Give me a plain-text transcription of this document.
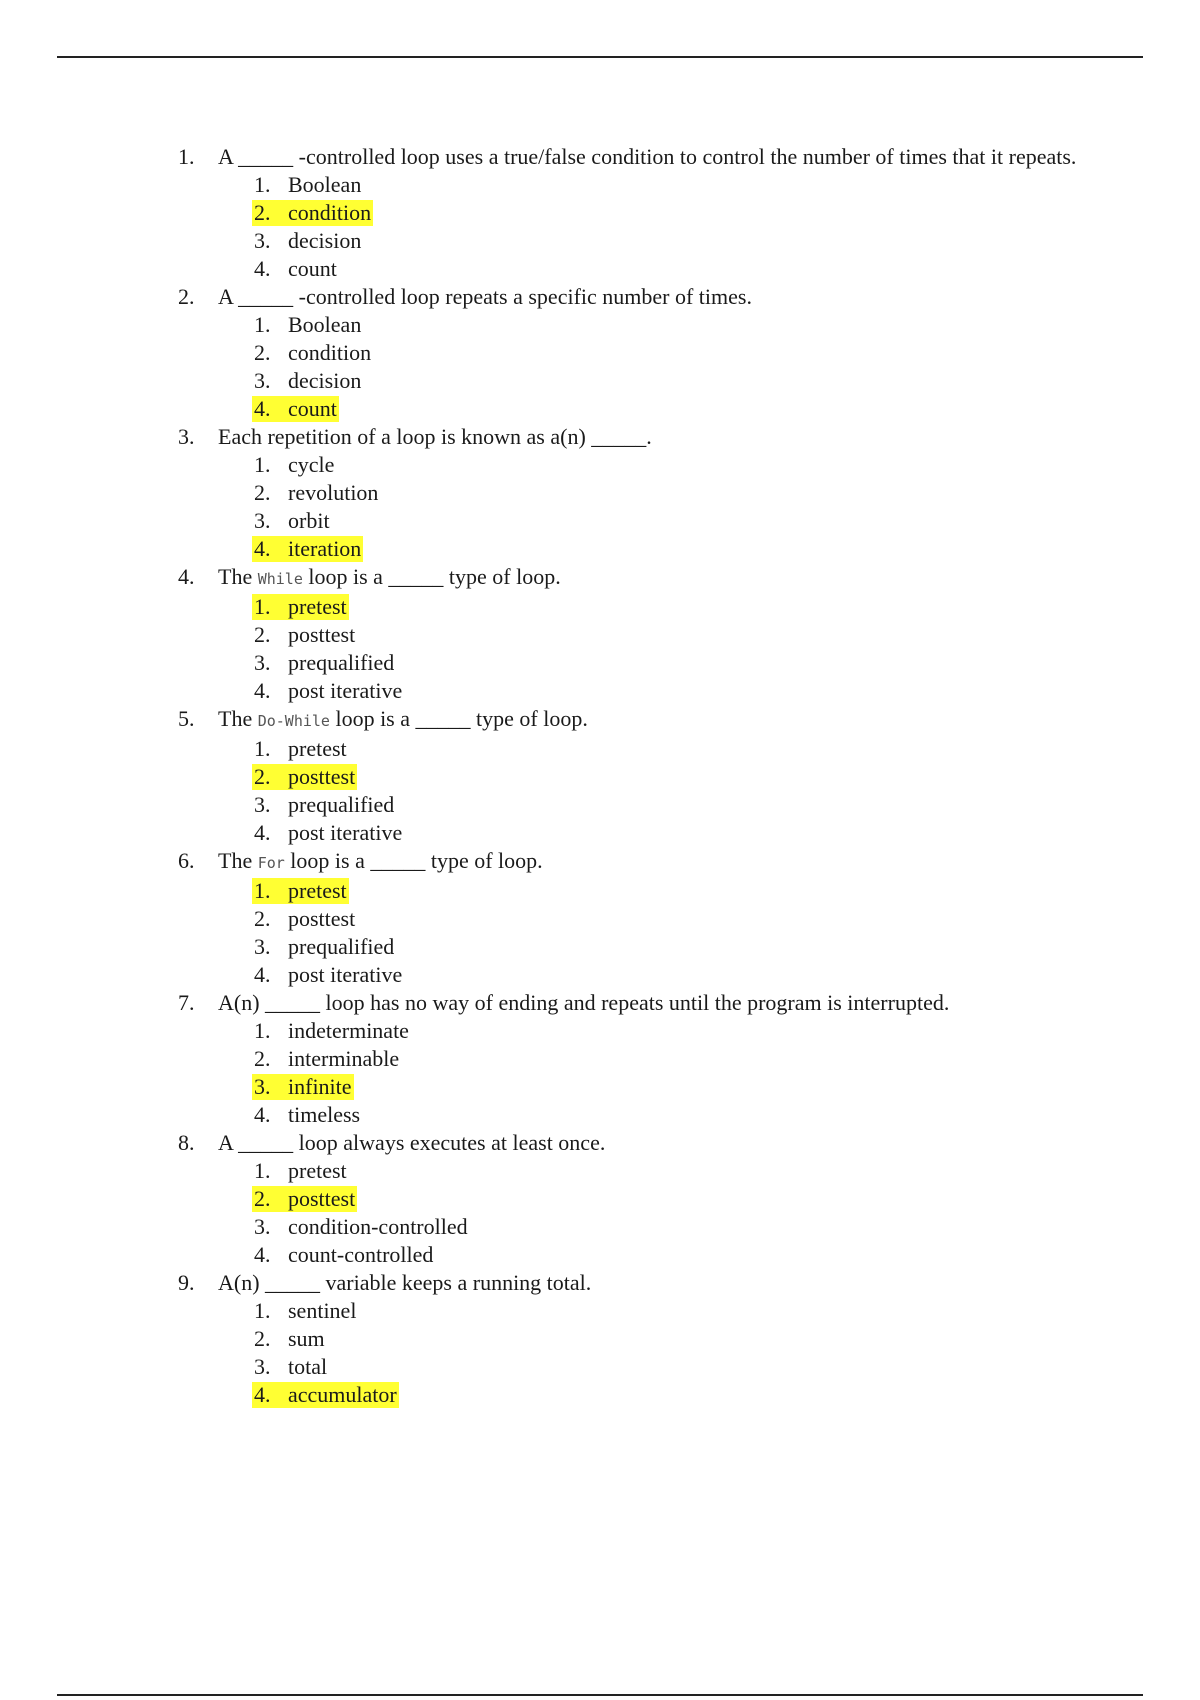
1.	A _____ -controlled loop uses a true/false condition to control the number of times that it repeats.
1. Boolean
2. condition
3. decision
4. count
2.	A _____ -controlled loop repeats a specific number of times.
1. Boolean
2. condition
3. decision
4. count
3.	Each repetition of a loop is known as a(n) _____.
1. cycle
2. revolution
3. orbit
4. iteration
4.	The While loop is a _____ type of loop.
1. pretest
2. posttest
3. prequalified
4. post iterative
5.	The Do-While loop is a _____ type of loop.
1. pretest
2. posttest
3. prequalified
4. post iterative
6.	The For loop is a _____ type of loop.
1. pretest
2. posttest
3. prequalified
4. post iterative
7.	A(n) _____ loop has no way of ending and repeats until the program is interrupted.
1. indeterminate
2. interminable
3. infinite
4. timeless
8.	A _____ loop always executes at least once.
1. pretest
2. posttest
3. condition-controlled
4. count-controlled
9.	A(n) _____ variable keeps a running total.
1. sentinel
2. sum
3. total
4. accumulator
